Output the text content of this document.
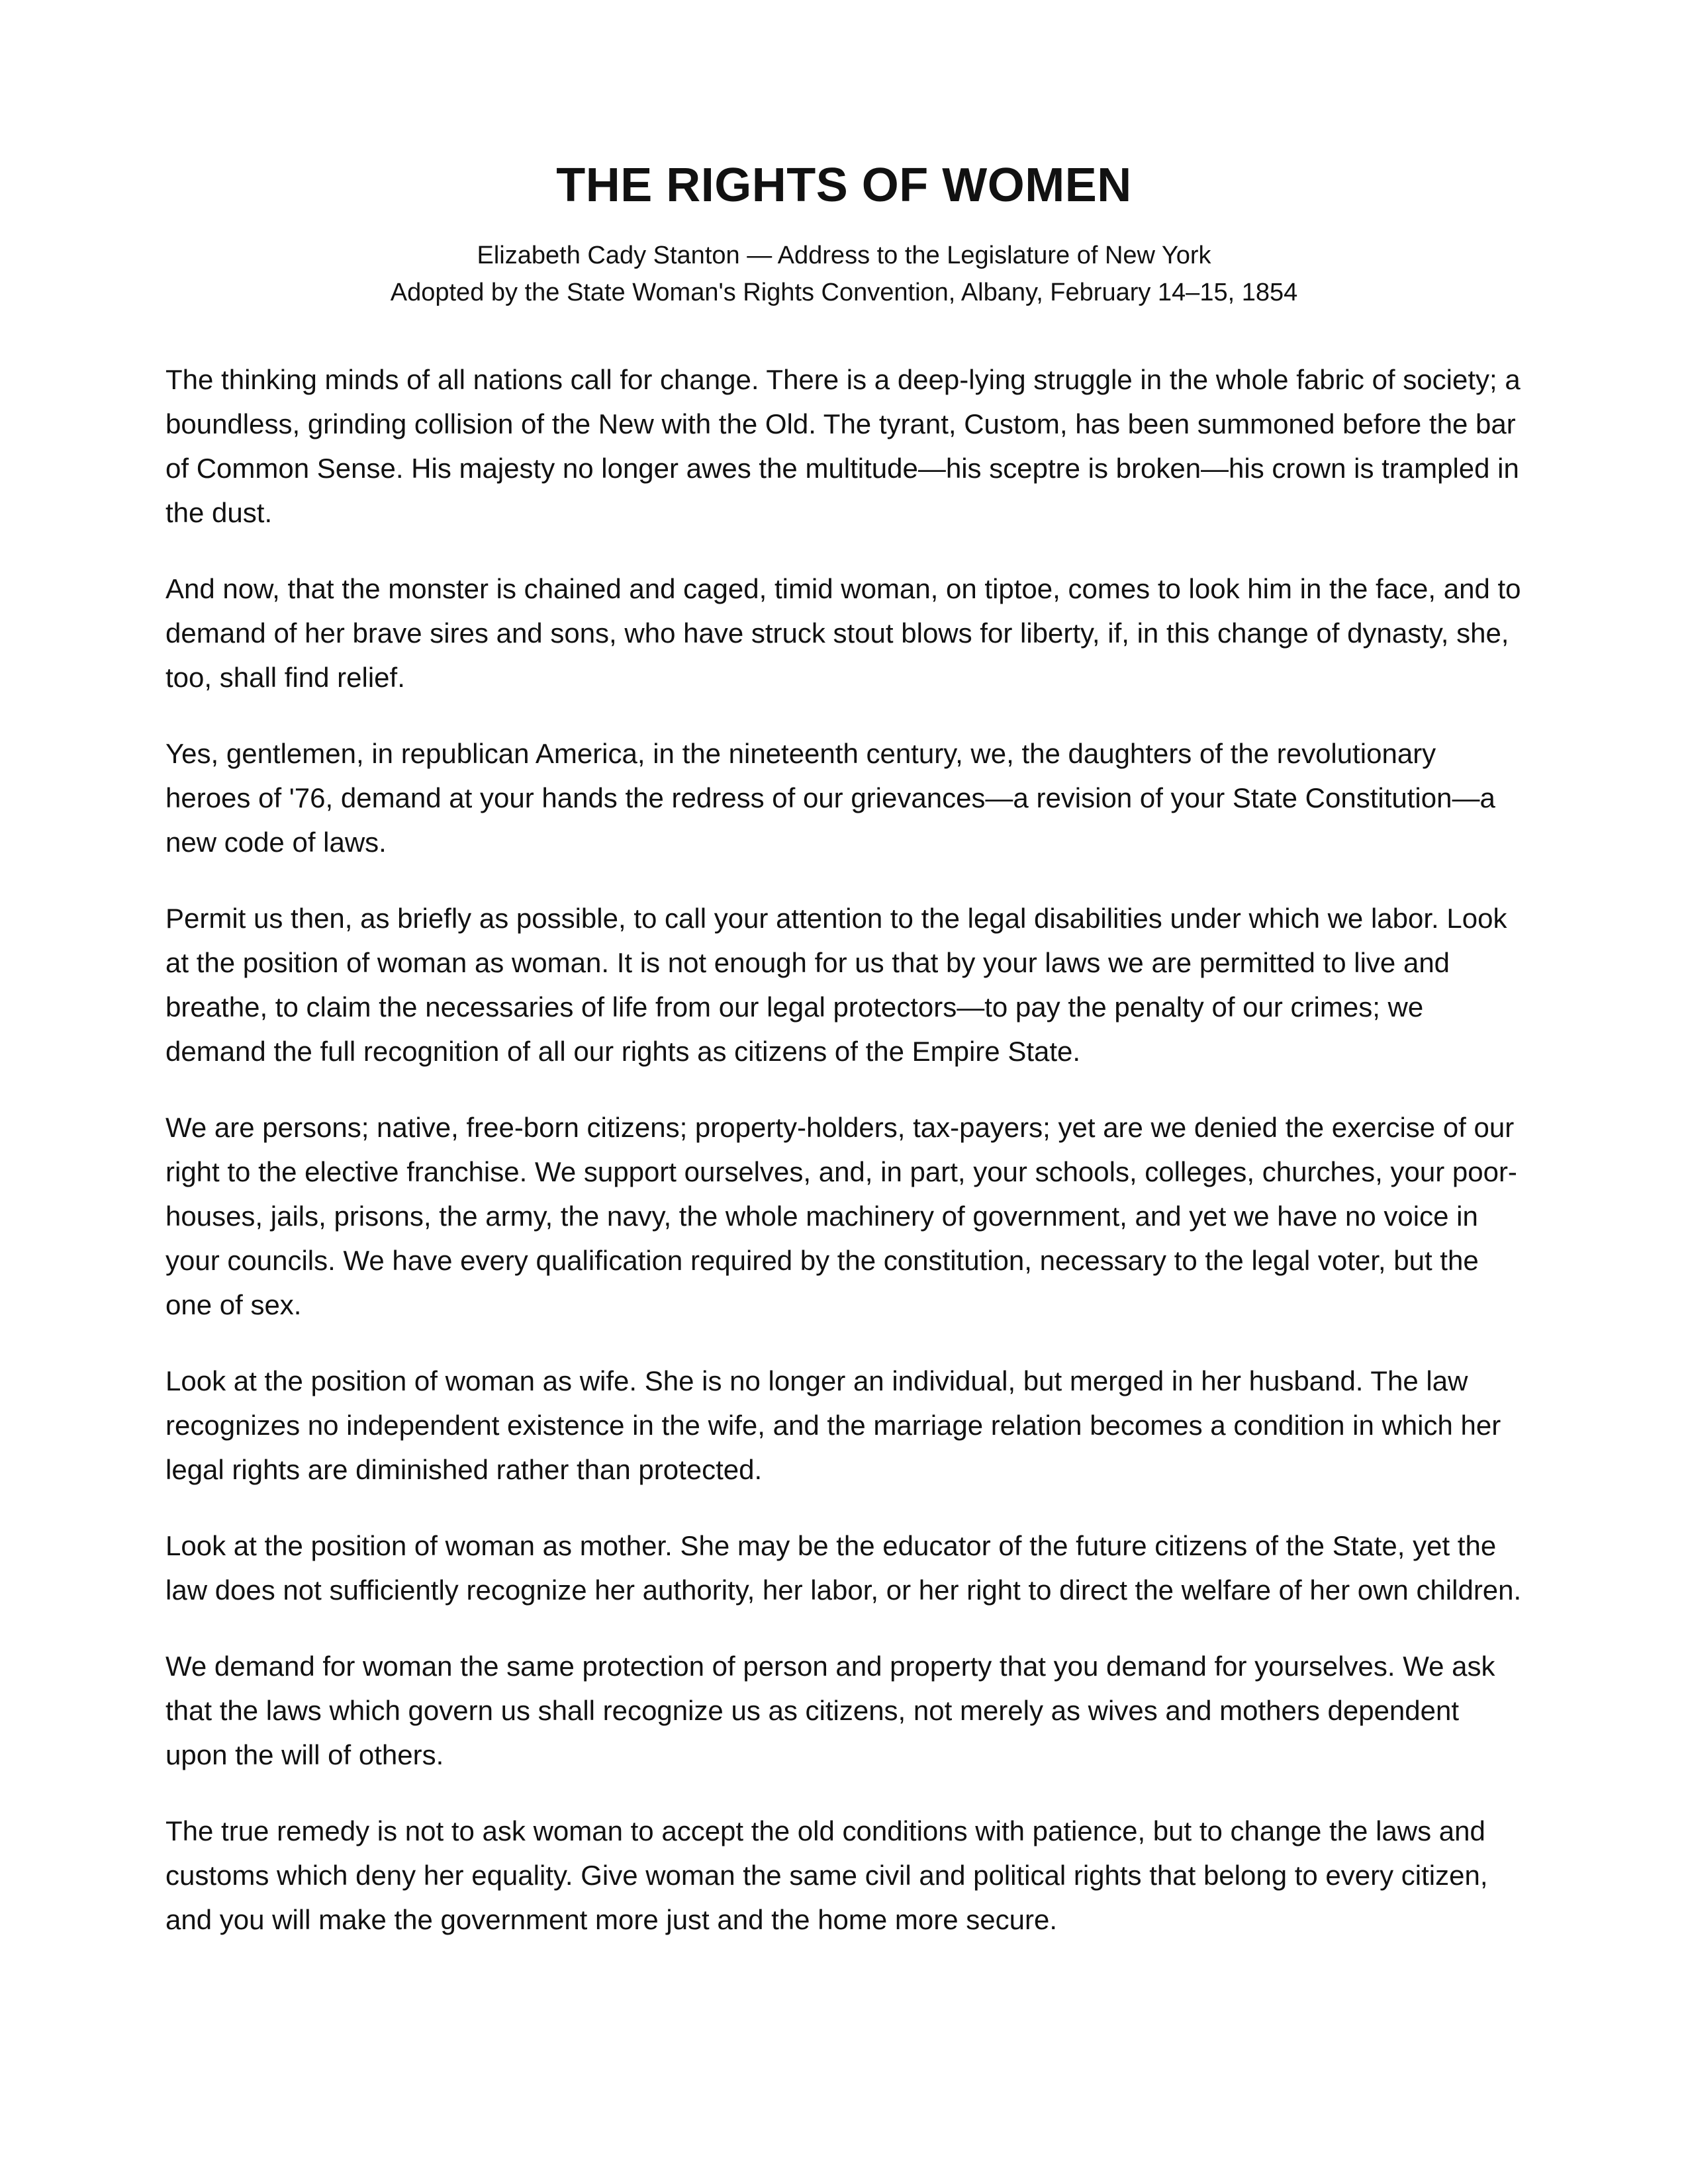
THE RIGHTS OF WOMEN
Elizabeth Cady Stanton — Address to the Legislature of New York
Adopted by the State Woman's Rights Convention, Albany, February 14–15, 1854

The thinking minds of all nations call for change. There is a deep-lying struggle in the whole fabric of society; a boundless, grinding collision of the New with the Old. The tyrant, Custom, has been summoned before the bar of Common Sense. His majesty no longer awes the multitude—his sceptre is broken—his crown is trampled in the dust.

And now, that the monster is chained and caged, timid woman, on tiptoe, comes to look him in the face, and to demand of her brave sires and sons, who have struck stout blows for liberty, if, in this change of dynasty, she, too, shall find relief.

Yes, gentlemen, in republican America, in the nineteenth century, we, the daughters of the revolutionary heroes of '76, demand at your hands the redress of our grievances—a revision of your State Constitution—a new code of laws.

Permit us then, as briefly as possible, to call your attention to the legal disabilities under which we labor. Look at the position of woman as woman. It is not enough for us that by your laws we are permitted to live and breathe, to claim the necessaries of life from our legal protectors—to pay the penalty of our crimes; we demand the full recognition of all our rights as citizens of the Empire State.

We are persons; native, free-born citizens; property-holders, tax-payers; yet are we denied the exercise of our right to the elective franchise. We support ourselves, and, in part, your schools, colleges, churches, your poor-houses, jails, prisons, the army, the navy, the whole machinery of government, and yet we have no voice in your councils. We have every qualification required by the constitution, necessary to the legal voter, but the one of sex.

Look at the position of woman as wife. She is no longer an individual, but merged in her husband. The law recognizes no independent existence in the wife, and the marriage relation becomes a condition in which her legal rights are diminished rather than protected.

Look at the position of woman as mother. She may be the educator of the future citizens of the State, yet the law does not sufficiently recognize her authority, her labor, or her right to direct the welfare of her own children.

We demand for woman the same protection of person and property that you demand for yourselves. We ask that the laws which govern us shall recognize us as citizens, not merely as wives and mothers dependent upon the will of others.

The true remedy is not to ask woman to accept the old conditions with patience, but to change the laws and customs which deny her equality. Give woman the same civil and political rights that belong to every citizen, and you will make the government more just and the home more secure.
